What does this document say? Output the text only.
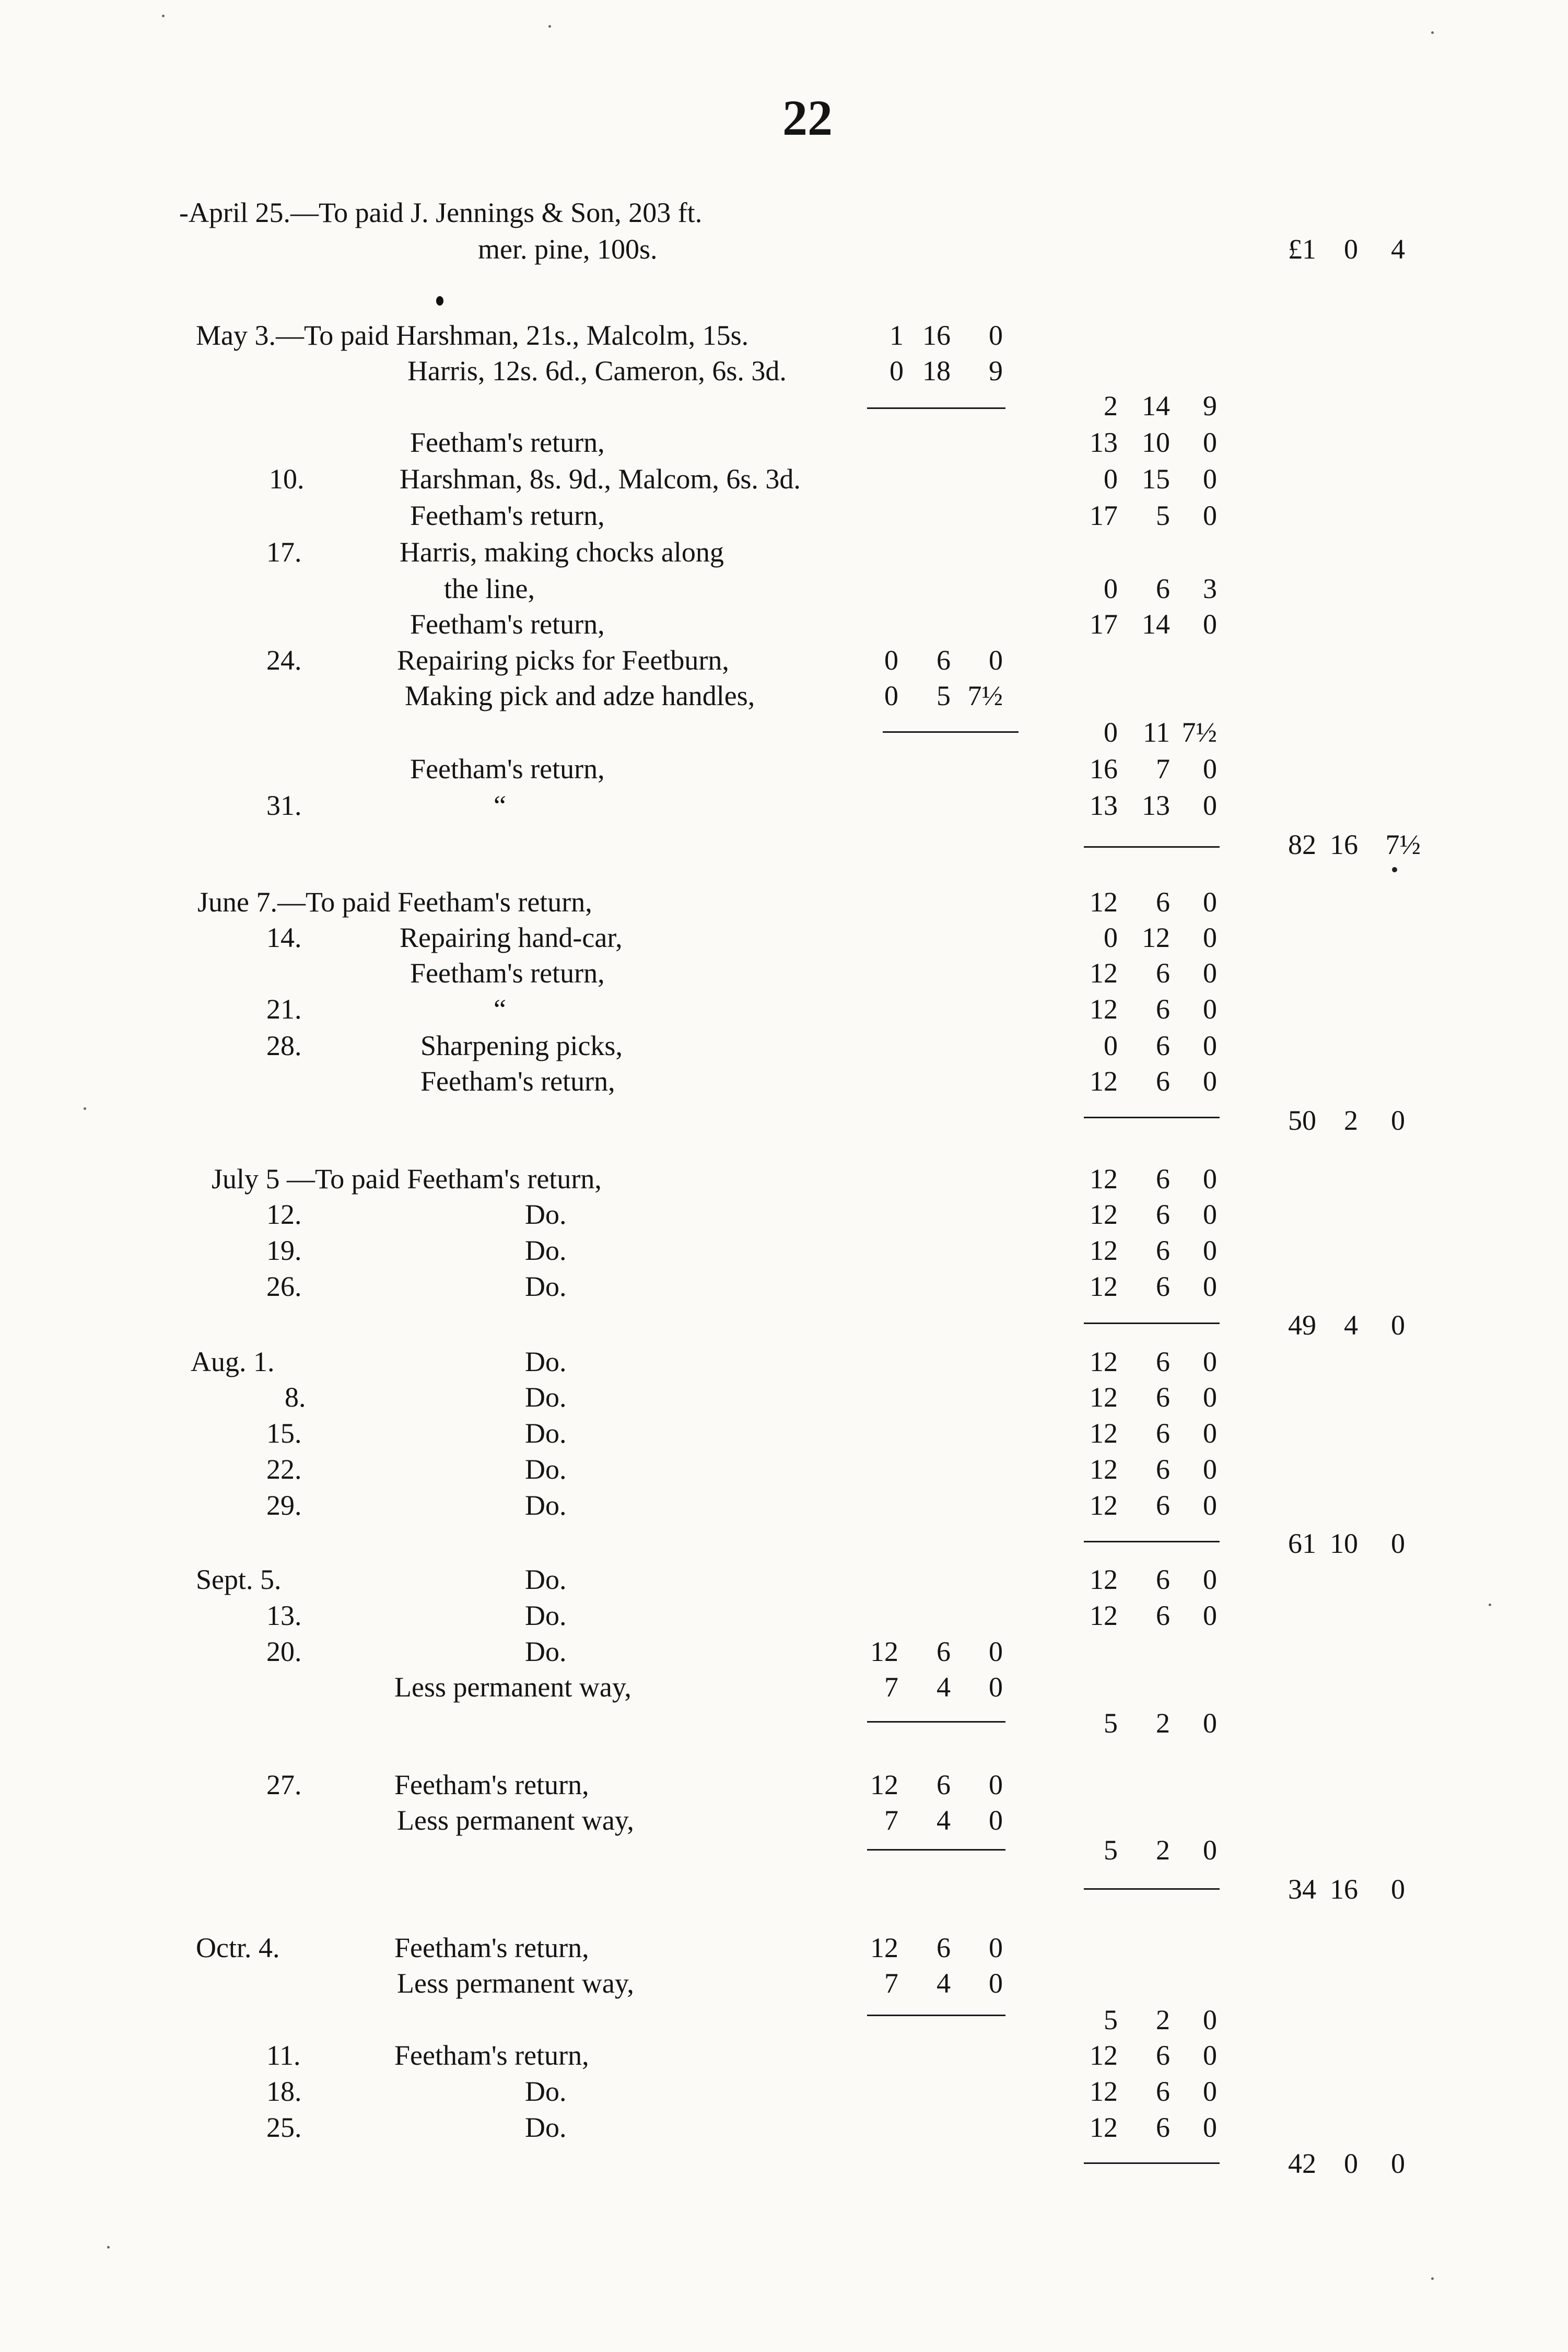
22
-April 25.—To paid J. Jennings & Son, 203 ft.
mer. pine, 100s.	£1 0	4
May 3.—To paid Harshman, 21s., Malcolm, 15s.	1 16	0
Harris, 12s. 6d., Cameron, 6s. 3d.	0 18	9
2 14	9
Feetham's return,	13 10	0
10.	Harshman, 8s. 9d., Malcom, 6s. 3d.	0 15	0
Feetham's return,	17	5	0
17.	Harris, making chocks along
the line,	0	6	3
Feetham's return,	17 14	0
24.	Repairing picks for Feetburn,	0	6	0
Making pick and adze handles,	0	5 7½
0 11 7½
Feetham's return,	16	7	0
31.	“	13 13	0
82 16 7½
June 7.—To paid Feetham's return,	12	6	0
14.	Repairing hand-car,	0 12	0
Feetham's return,	12	6	0
21.	“	12	6	0
28.	Sharpening picks,	0	6	0
Feetham's return,	12	6	0
50 2	0
July 5 —To paid Feetham's return,	12	6	0
12.	Do.	12	6	0
19.	Do.	12	6	0
26.	Do.	12	6	0
49 4	0
Aug. 1.	Do.	12	6	0
8.	Do.	12	6	0
15.	Do.	12	6	0
22.	Do.	12	6	0
29.	Do.	12	6	0
61 10	0
Sept. 5.	Do.	12	6	0
13.	Do.	12	6	0
20.	Do.	12	6	0
Less permanent way,	7	4	0
5	2	0
27.	Feetham's return,	12	6	0
Less permanent way,	7	4	0
5	2	0
34 16	0
Octr. 4.	Feetham's return,	12	6	0
Less permanent way,	7	4	0
5	2	0
11.	Feetham's return,	12	6	0
18.	Do.	12	6	0
25.	Do.	12	6	0
42 0	0
